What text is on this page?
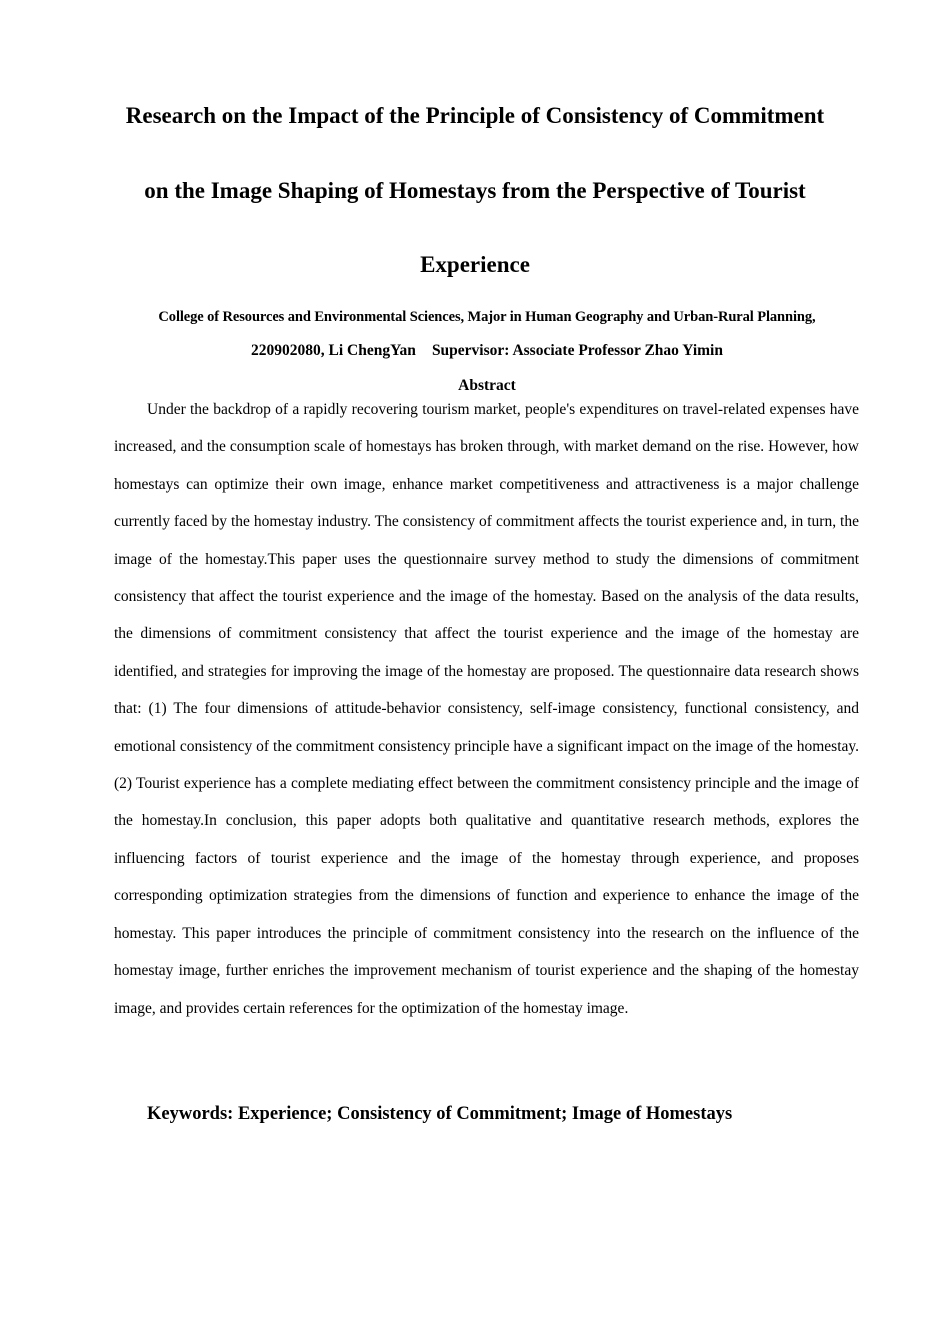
Research on the Impact of the Principle of Consistency of Commitment
on the Image Shaping of Homestays from the Perspective of Tourist
Experience

College of Resources and Environmental Sciences, Major in Human Geography and Urban-Rural Planning,

220902080, Li ChengYan Supervisor: Associate Professor Zhao Yimin

Abstract

Under the backdrop of a rapidly recovering tourism market, people's expenditures on travel-related expenses have increased, and the consumption scale of homestays has broken through, with market demand on the rise. However, how homestays can optimize their own image, enhance market competitiveness and attractiveness is a major challenge currently faced by the homestay industry. The consistency of commitment affects the tourist experience and, in turn, the image of the homestay.This paper uses the questionnaire survey method to study the dimensions of commitment consistency that affect the tourist experience and the image of the homestay. Based on the analysis of the data results, the dimensions of commitment consistency that affect the tourist experience and the image of the homestay are identified, and strategies for improving the image of the homestay are proposed. The questionnaire data research shows that: (1) The four dimensions of attitude-behavior consistency, self-image consistency, functional consistency, and emotional consistency of the commitment consistency principle have a significant impact on the image of the homestay. (2) Tourist experience has a complete mediating effect between the commitment consistency principle and the image of the homestay.In conclusion, this paper adopts both qualitative and quantitative research methods, explores the influencing factors of tourist experience and the image of the homestay through experience, and proposes corresponding optimization strategies from the dimensions of function and experience to enhance the image of the homestay. This paper introduces the principle of commitment consistency into the research on the influence of the homestay image, further enriches the improvement mechanism of tourist experience and the shaping of the homestay image, and provides certain references for the optimization of the homestay image.

Keywords: Experience; Consistency of Commitment; Image of Homestays
